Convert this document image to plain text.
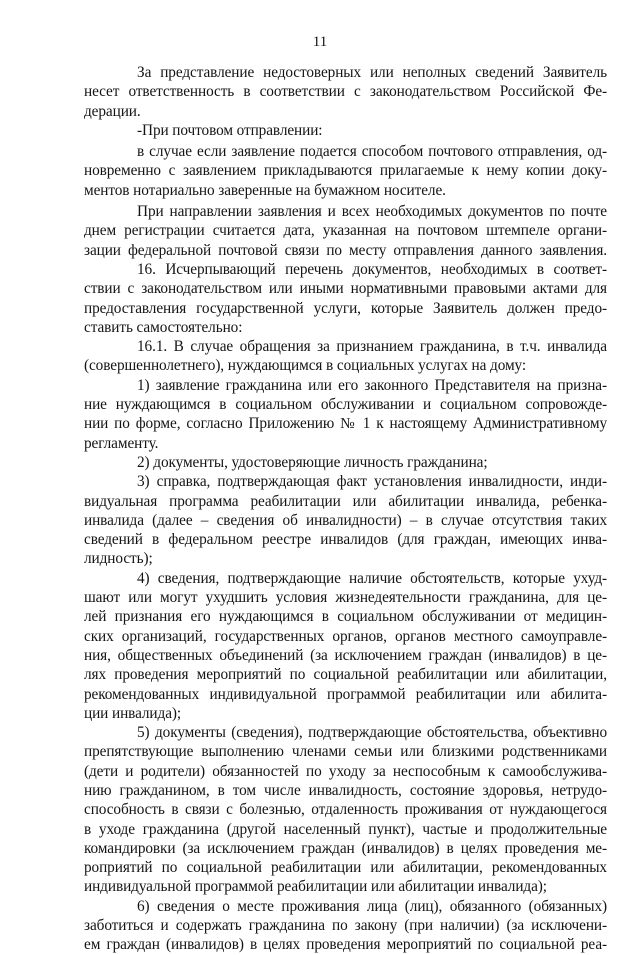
11
За представление недостоверных или неполных сведений Заявитель
несет ответственность в соответствии с законодательством Российской Фе-
дерации.
-При почтовом отправлении:
в случае если заявление подается способом почтового отправления, од-
новременно с заявлением прикладываются прилагаемые к нему копии доку-
ментов нотариально заверенные на бумажном носителе.
При направлении заявления и всех необходимых документов по почте
днем регистрации считается дата, указанная на почтовом штемпеле органи-
зации федеральной почтовой связи по месту отправления данного заявления.
16. Исчерпывающий перечень документов, необходимых в соответ-
ствии с законодательством или иными нормативными правовыми актами для
предоставления государственной услуги, которые Заявитель должен предо-
ставить самостоятельно:
16.1. В случае обращения за признанием гражданина, в т.ч. инвалида
(совершеннолетнего), нуждающимся в социальных услугах на дому:
1) заявление гражданина или его законного Представителя на призна-
ние нуждающимся в социальном обслуживании и социальном сопровожде-
нии по форме, согласно Приложению № 1 к настоящему Административному
регламенту.
2) документы, удостоверяющие личность гражданина;
3) справка, подтверждающая факт установления инвалидности, инди-
видуальная программа реабилитации или абилитации инвалида, ребенка-
инвалида (далее – сведения об инвалидности) – в случае отсутствия таких
сведений в федеральном реестре инвалидов (для граждан, имеющих инва-
лидность);
4) сведения, подтверждающие наличие обстоятельств, которые ухуд-
шают или могут ухудшить условия жизнедеятельности гражданина, для це-
лей признания его нуждающимся в социальном обслуживании от медицин-
ских организаций, государственных органов, органов местного самоуправле-
ния, общественных объединений (за исключением граждан (инвалидов) в це-
лях проведения мероприятий по социальной реабилитации или абилитации,
рекомендованных индивидуальной программой реабилитации или абилита-
ции инвалида);
5) документы (сведения), подтверждающие обстоятельства, объективно
препятствующие выполнению членами семьи или близкими родственниками
(дети и родители) обязанностей по уходу за неспособным к самообслужива-
нию гражданином, в том числе инвалидность, состояние здоровья, нетрудо-
способность в связи с болезнью, отдаленность проживания от нуждающегося
в уходе гражданина (другой населенный пункт), частые и продолжительные
командировки (за исключением граждан (инвалидов) в целях проведения ме-
роприятий по социальной реабилитации или абилитации, рекомендованных
индивидуальной программой реабилитации или абилитации инвалида);
6) сведения о месте проживания лица (лиц), обязанного (обязанных)
заботиться и содержать гражданина по закону (при наличии) (за исключени-
ем граждан (инвалидов) в целях проведения мероприятий по социальной реа-
